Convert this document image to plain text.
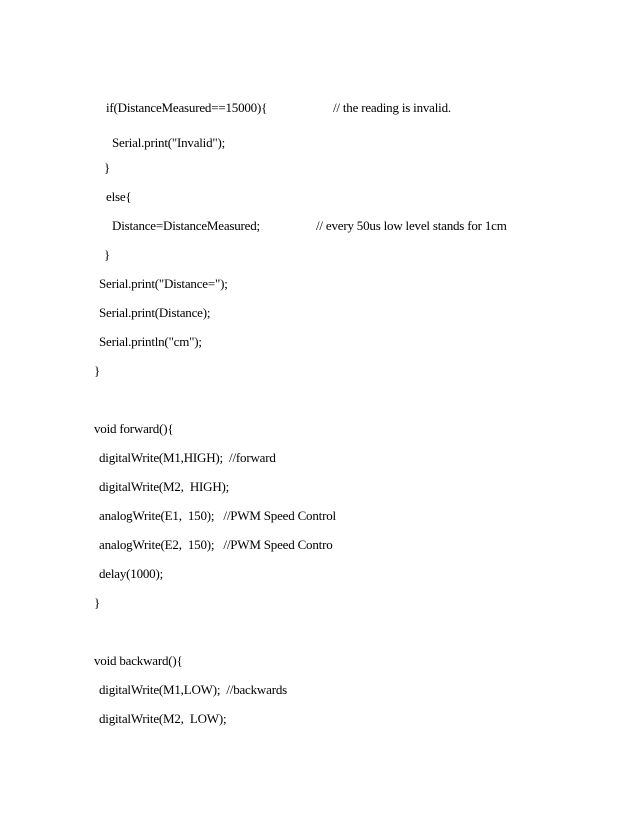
if(DistanceMeasured==15000){	// the reading is invalid.
Serial.print("Invalid");
}
else{
Distance=DistanceMeasured;	// every 50us low level stands for 1cm
}
Serial.print("Distance=");
Serial.print(Distance);
Serial.println("cm");
}
void forward(){
digitalWrite(M1,HIGH);  //forward
digitalWrite(M2,  HIGH);
analogWrite(E1,  150);   //PWM Speed Control
analogWrite(E2,  150);   //PWM Speed Contro
delay(1000);
}
void backward(){
digitalWrite(M1,LOW);  //backwards
digitalWrite(M2,  LOW);
